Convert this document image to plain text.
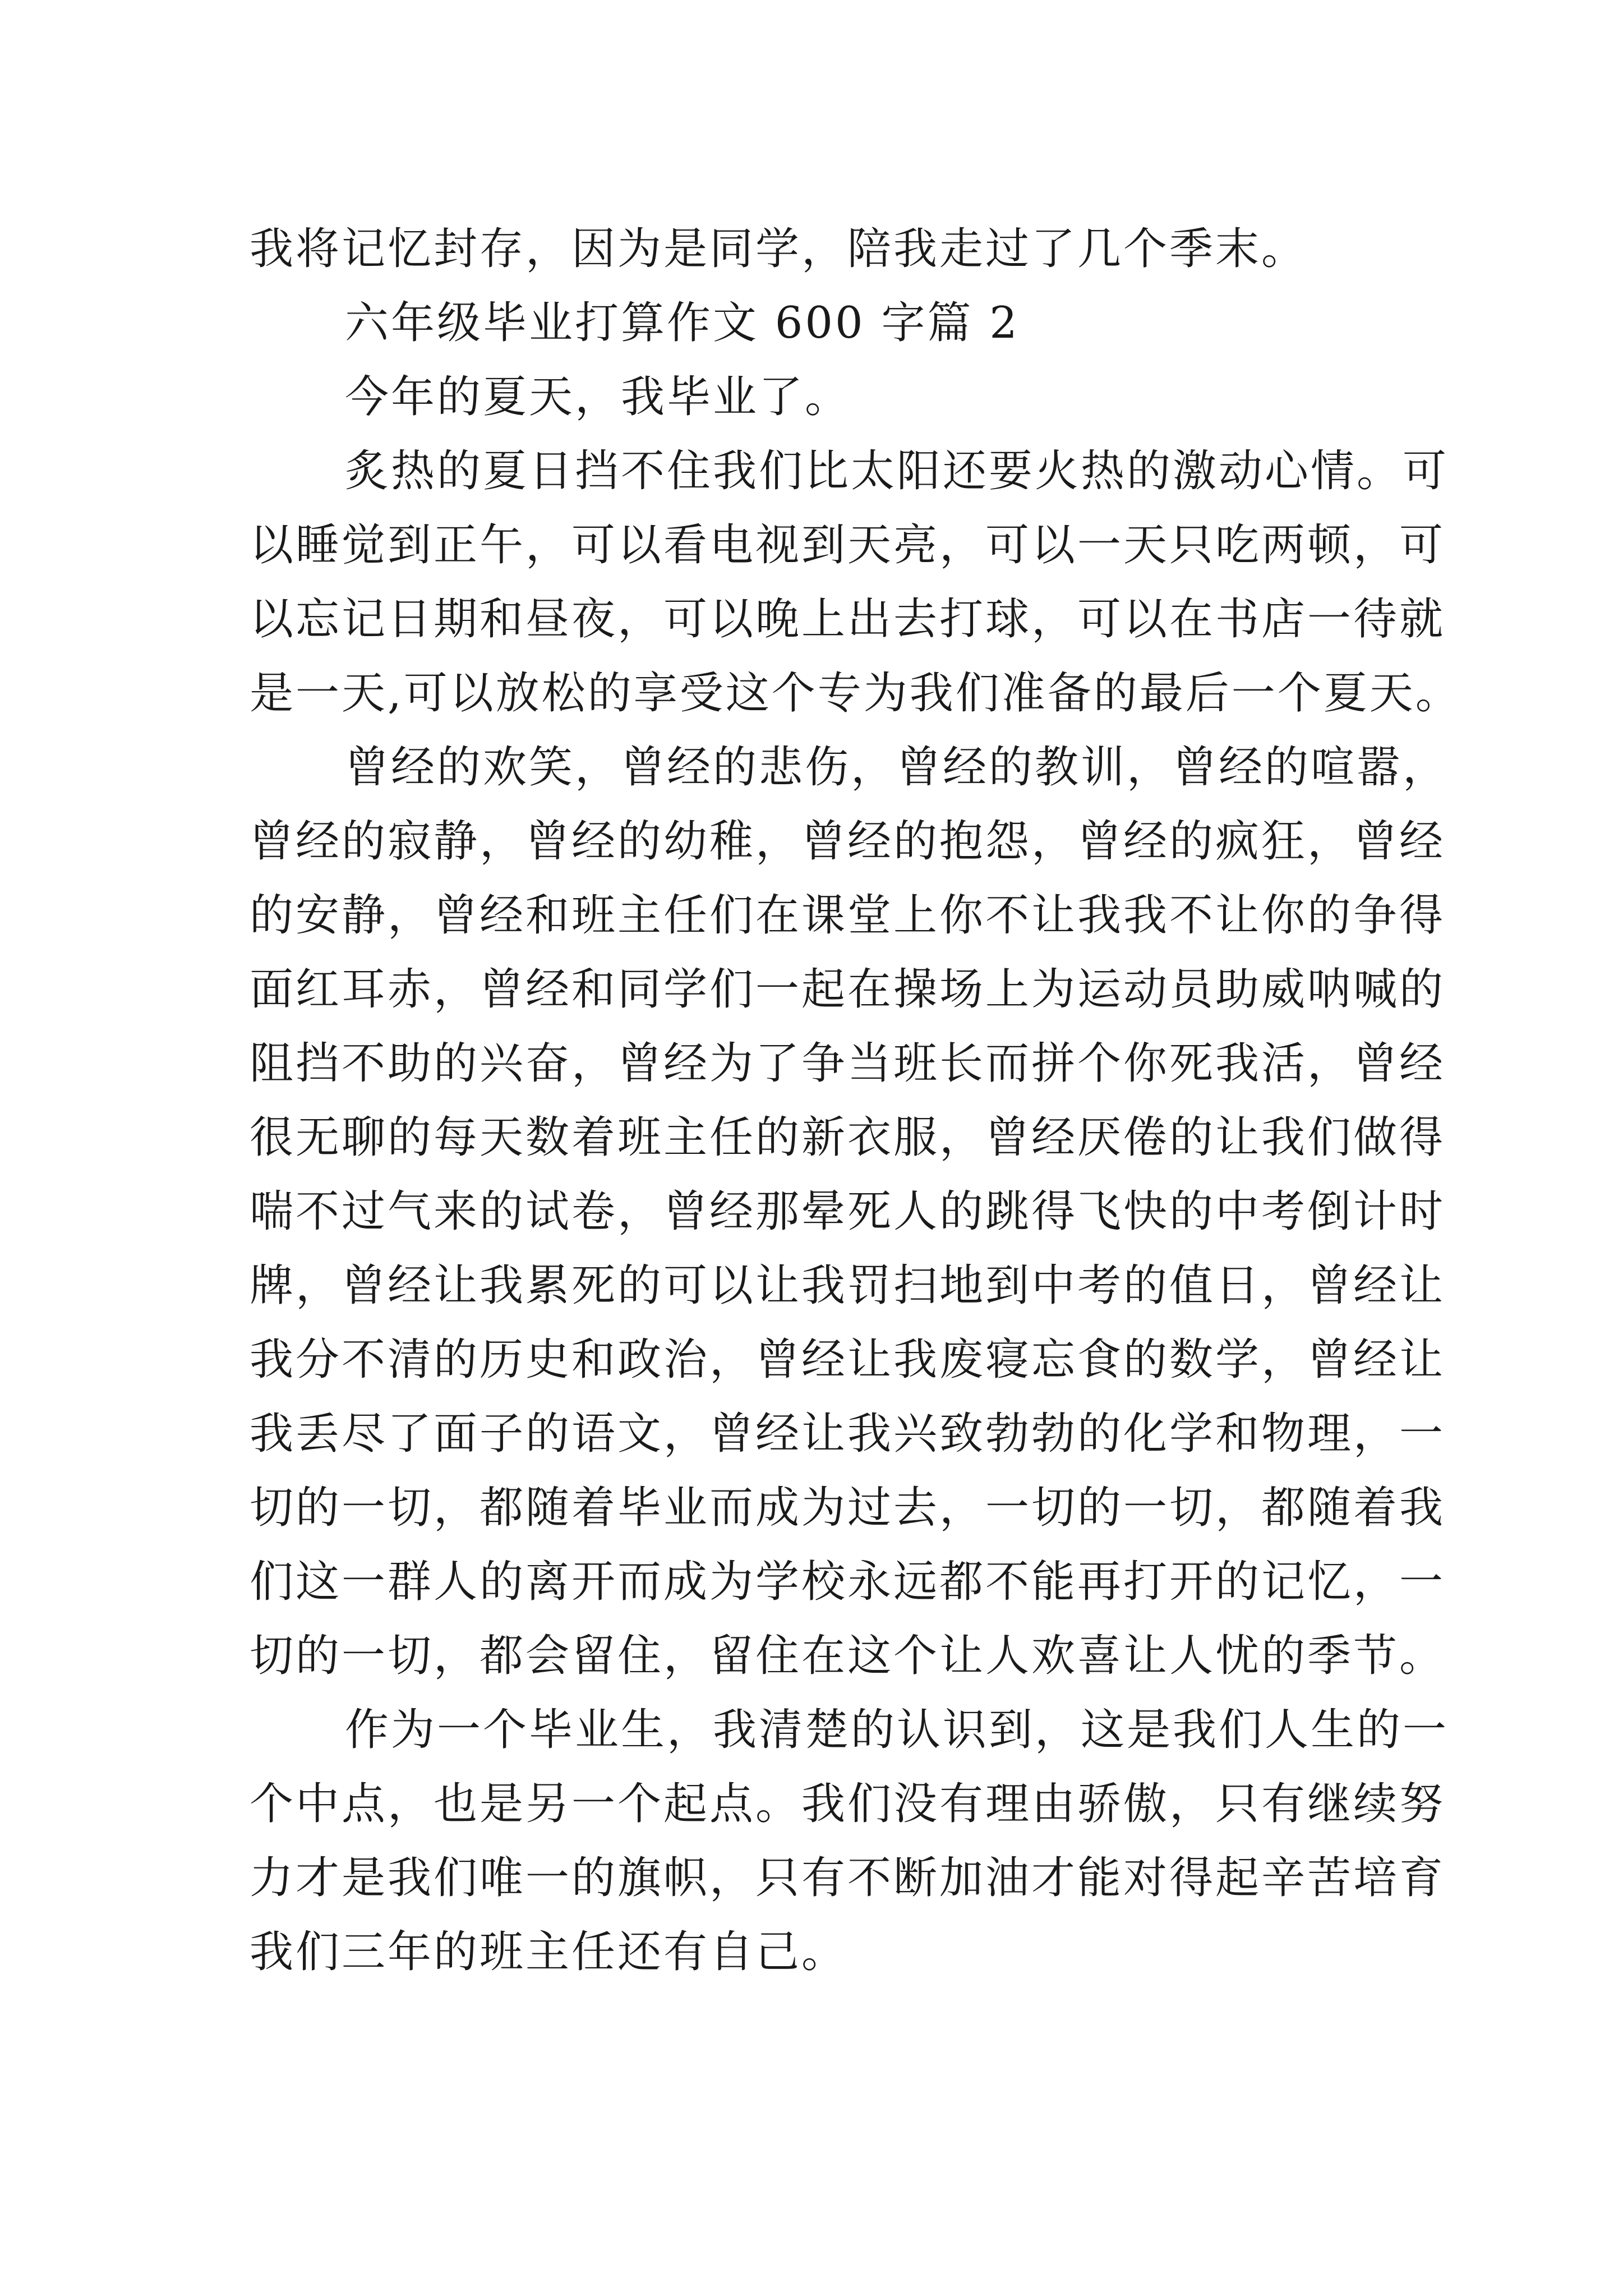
我将记忆封存，因为是同学，陪我走过了几个季末。

六年级毕业打算作文 600 字篇 2

今年的夏天，我毕业了。

炙热的夏日挡不住我们比太阳还要火热的激动心情。可
以睡觉到正午，可以看电视到天亮，可以一天只吃两顿，可
以忘记日期和昼夜，可以晚上出去打球，可以在书店一待就
是一天,可以放松的享受这个专为我们准备的最后一个夏天。
曾经的欢笑，曾经的悲伤，曾经的教训，曾经的喧嚣，
曾经的寂静，曾经的幼稚，曾经的抱怨，曾经的疯狂，曾经
的安静，曾经和班主任们在课堂上你不让我我不让你的争得
面红耳赤，曾经和同学们一起在操场上为运动员助威呐喊的
阻挡不助的兴奋，曾经为了争当班长而拼个你死我活，曾经
很无聊的每天数着班主任的新衣服，曾经厌倦的让我们做得
喘不过气来的试卷，曾经那晕死人的跳得飞快的中考倒计时
牌，曾经让我累死的可以让我罚扫地到中考的值日，曾经让
我分不清的历史和政治，曾经让我废寝忘食的数学，曾经让
我丢尽了面子的语文，曾经让我兴致勃勃的化学和物理，一
切的一切，都随着毕业而成为过去，一切的一切，都随着我
们这一群人的离开而成为学校永远都不能再打开的记忆，一
切的一切，都会留住，留住在这个让人欢喜让人忧的季节。
作为一个毕业生，我清楚的认识到，这是我们人生的一
个中点，也是另一个起点。我们没有理由骄傲，只有继续努
力才是我们唯一的旗帜，只有不断加油才能对得起辛苦培育
我们三年的班主任还有自己。
